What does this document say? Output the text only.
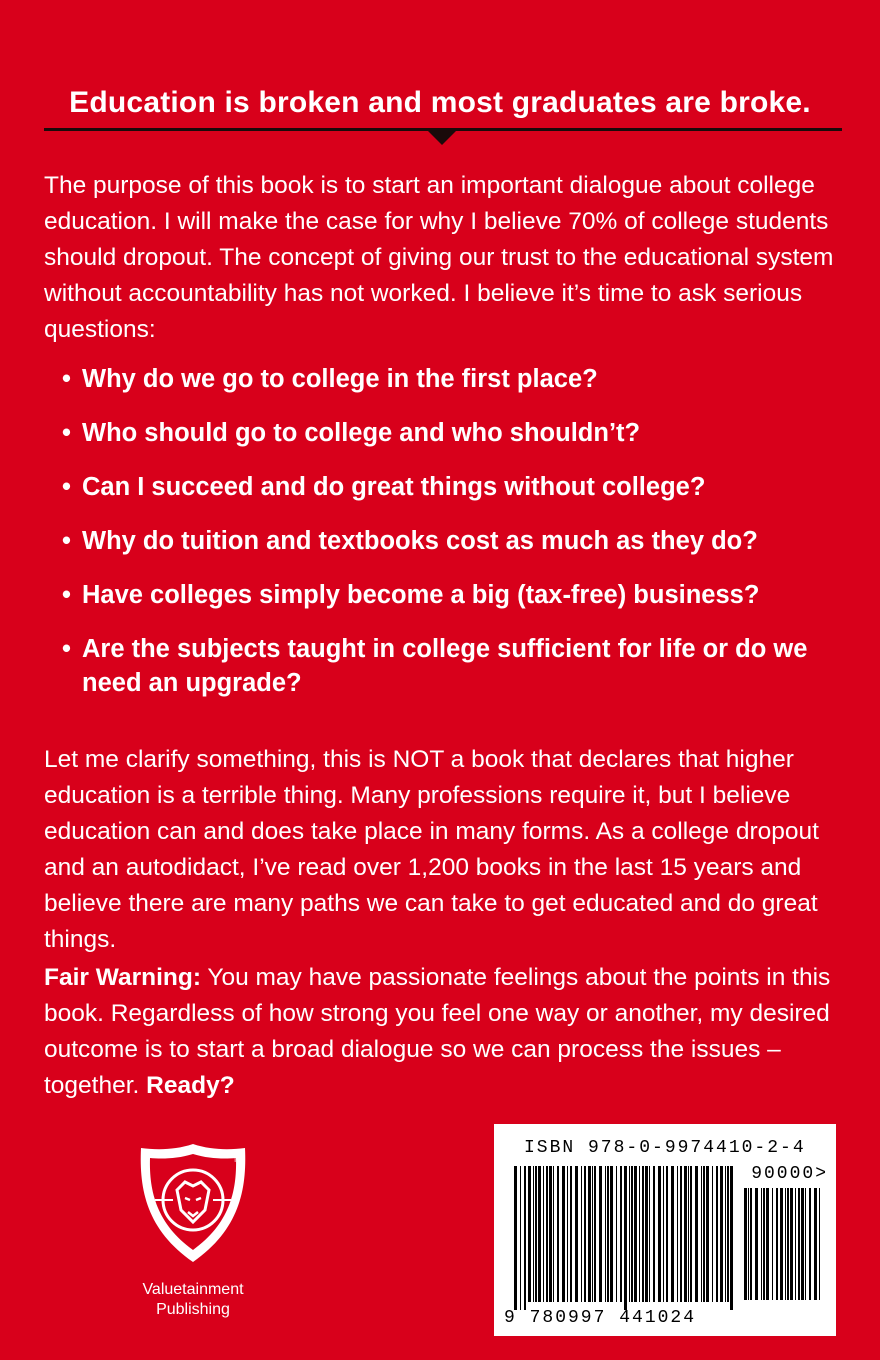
Education is broken and most graduates are broke.

The purpose of this book is to start an important dialogue about college education. I will make the case for why I believe 70% of college students should dropout. The concept of giving our trust to the educational system without accountability has not worked. I believe it’s time to ask serious questions:

• Why do we go to college in the first place?
• Who should go to college and who shouldn’t?
• Can I succeed and do great things without college?
• Why do tuition and textbooks cost as much as they do?
• Have colleges simply become a big (tax-free) business?
• Are the subjects taught in college sufficient for life or do we need an upgrade?

Let me clarify something, this is NOT a book that declares that higher education is a terrible thing. Many professions require it, but I believe education can and does take place in many forms. As a college dropout and an autodidact, I’ve read over 1,200 books in the last 15 years and believe there are many paths we can take to get educated and do great things.

Fair Warning: You may have passionate feelings about the points in this book. Regardless of how strong you feel one way or another, my desired outcome is to start a broad dialogue so we can process the issues – together. Ready?

TM
Valuetainment
Publishing
ISBN 978-0-9974410-2-4
90000>
9 780997 441024
